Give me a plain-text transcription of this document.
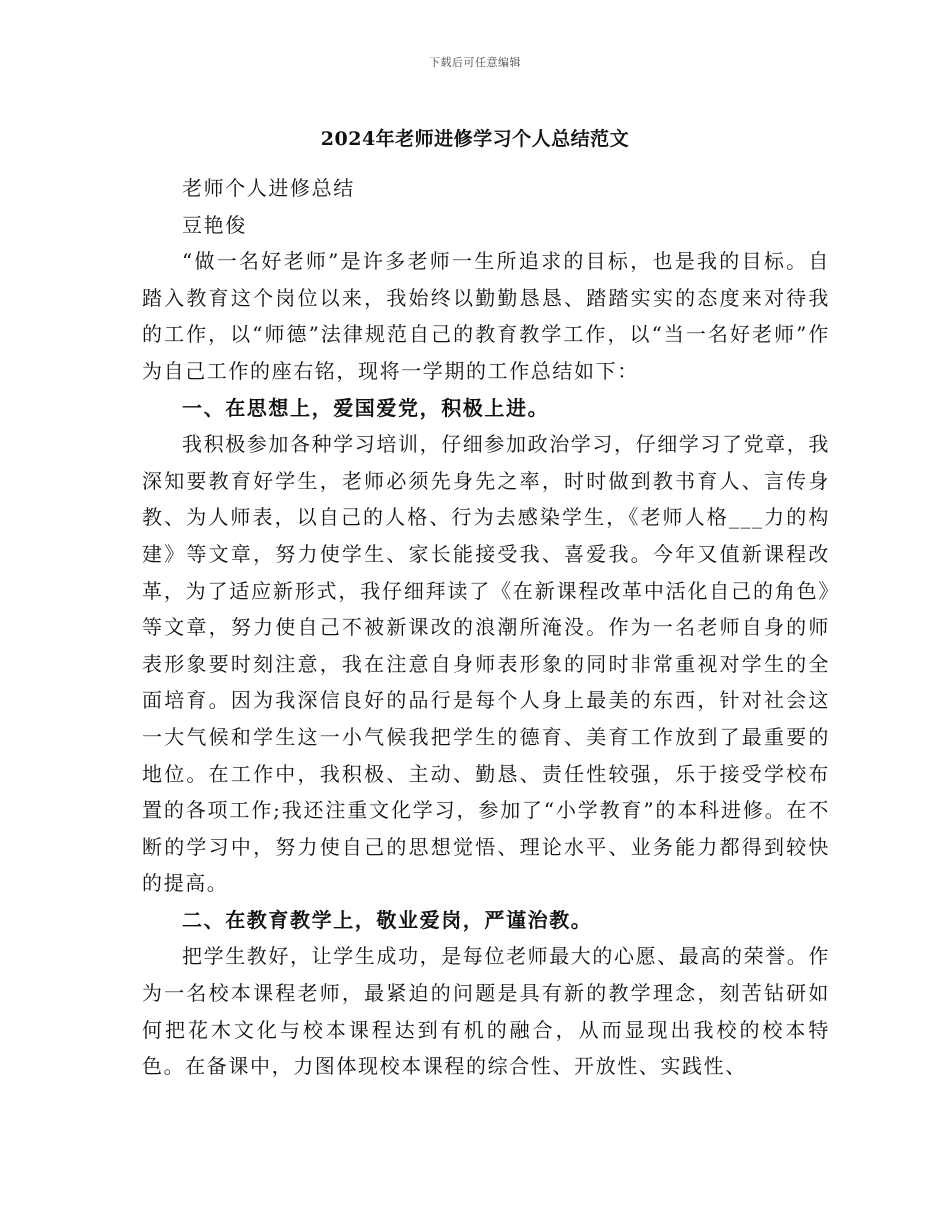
下载后可任意编辑
2024年老师进修学习个人总结范文

老师个人进修总结

豆艳俊

“做一名好老师”是许多老师一生所追求的目标，也是我的目标。自踏入教育这个岗位以来，我始终以勤勤恳恳、踏踏实实的态度来对待我的工作，以“师德”法律规范自己的教育教学工作，以“当一名好老师”作为自己工作的座右铭，现将一学期的工作总结如下：

一、在思想上，爱国爱党，积极上进。

我积极参加各种学习培训，仔细参加政治学习，仔细学习了党章，我深知要教育好学生，老师必须先身先之率，时时做到教书育人、言传身教、为人师表，以自己的人格、行为去感染学生，《老师人格___力的构建》等文章，努力使学生、家长能接受我、喜爱我。今年又值新课程改革，为了适应新形式，我仔细拜读了《在新课程改革中活化自己的角色》等文章，努力使自己不被新课改的浪潮所淹没。作为一名老师自身的师表形象要时刻注意，我在注意自身师表形象的同时非常重视对学生的全面培育。因为我深信良好的品行是每个人身上最美的东西，针对社会这一大气候和学生这一小气候我把学生的德育、美育工作放到了最重要的地位。在工作中，我积极、主动、勤恳、责任性较强，乐于接受学校布置的各项工作;我还注重文化学习，参加了“小学教育”的本科进修。在不断的学习中，努力使自己的思想觉悟、理论水平、业务能力都得到较快的提高。

二、在教育教学上，敬业爱岗，严谨治教。

把学生教好，让学生成功，是每位老师最大的心愿、最高的荣誉。作为一名校本课程老师，最紧迫的问题是具有新的教学理念，刻苦钻研如何把花木文化与校本课程达到有机的融合，从而显现出我校的校本特色。在备课中，力图体现校本课程的综合性、开放性、实践性、
